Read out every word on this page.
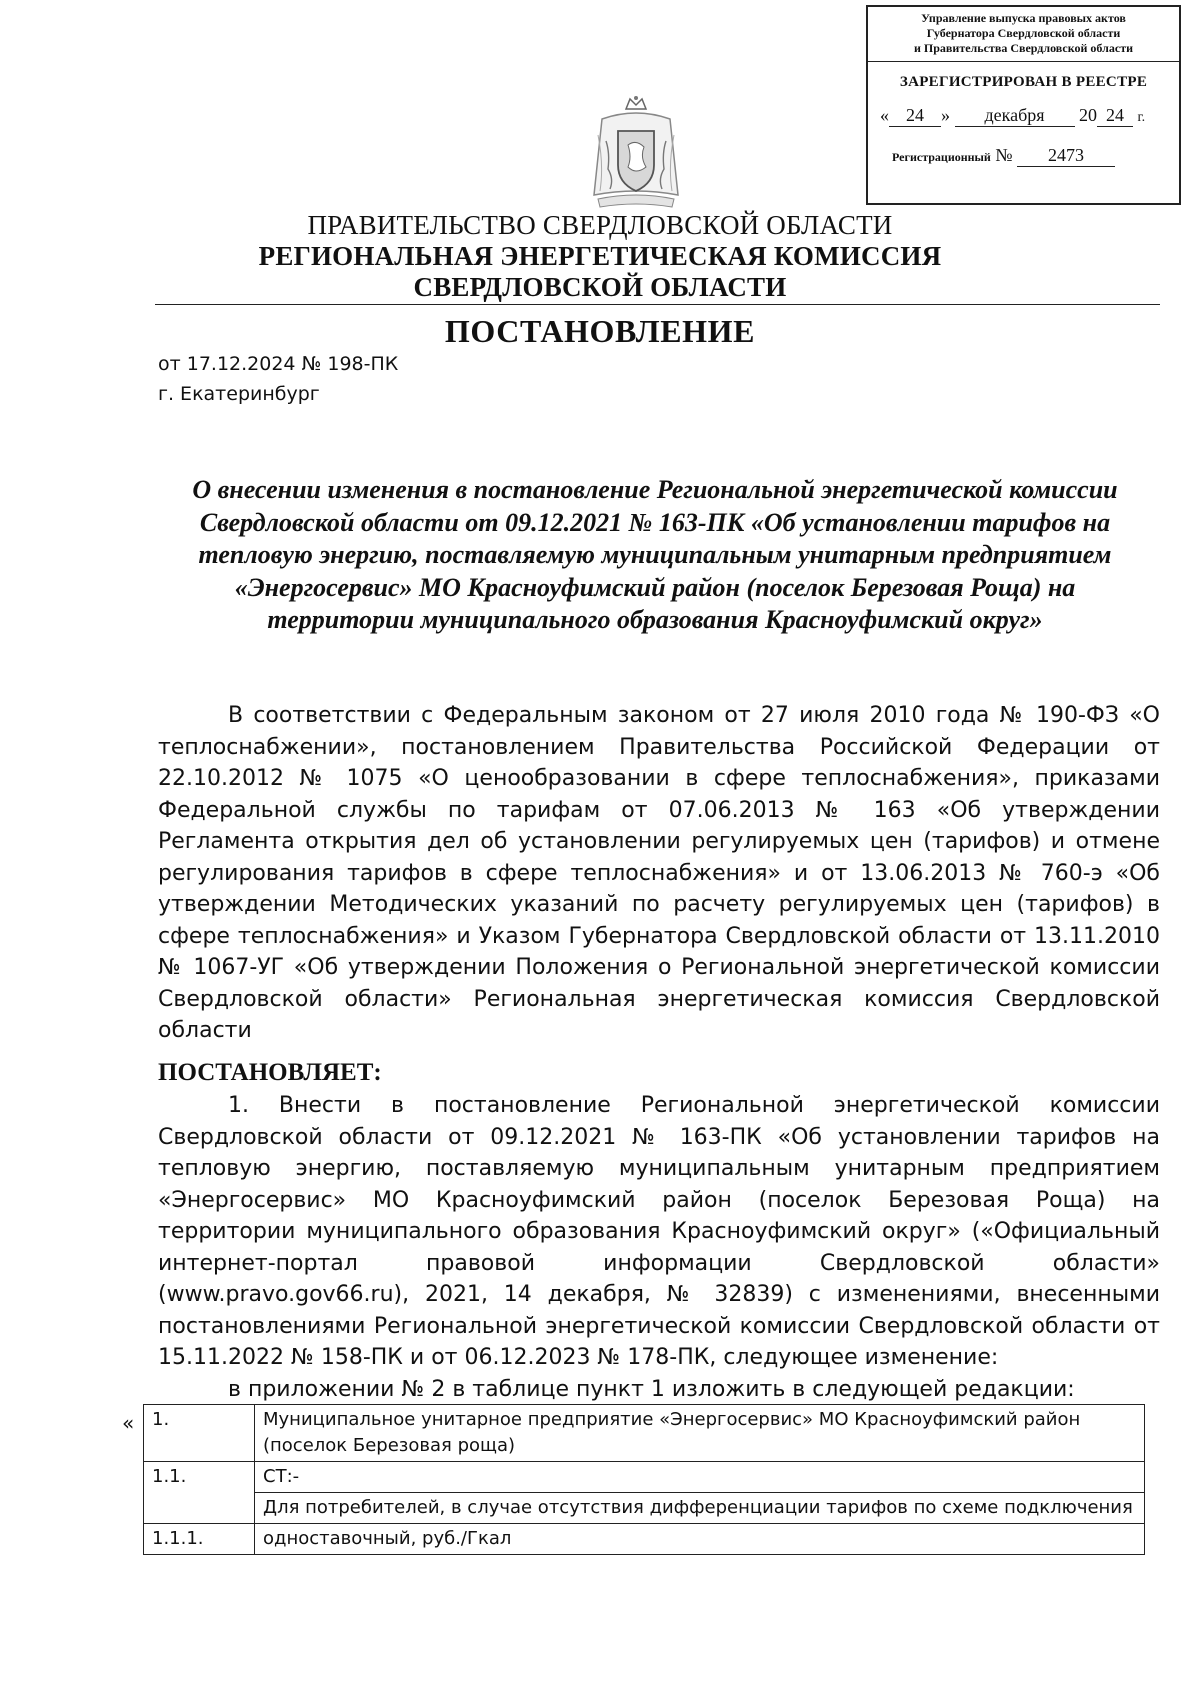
Управление выпуска правовых актов
Губернатора Свердловской области
и Правительства Свердловской области
ЗАРЕГИСТРИРОВАН В РЕЕСТРЕ
« 24 » декабря 20 24 г.
Регистрационный № 2473
ПРАВИТЕЛЬСТВО СВЕРДЛОВСКОЙ ОБЛАСТИ
РЕГИОНАЛЬНАЯ ЭНЕРГЕТИЧЕСКАЯ КОМИССИЯ
СВЕРДЛОВСКОЙ ОБЛАСТИ
ПОСТАНОВЛЕНИЕ
от 17.12.2024 № 198-ПК
г. Екатеринбург
О внесении изменения в постановление Региональной энергетической комиссии Свердловской области от 09.12.2021 № 163-ПК «Об установлении тарифов на тепловую энергию, поставляемую муниципальным унитарным предприятием «Энергосервис» МО Красноуфимский район (поселок Березовая Роща) на территории муниципального образования Красноуфимский округ»

В соответствии с Федеральным законом от 27 июля 2010 года № 190-ФЗ «О теплоснабжении», постановлением Правительства Российской Федерации от 22.10.2012 № 1075 «О ценообразовании в сфере теплоснабжения», приказами Федеральной службы по тарифам от 07.06.2013 № 163 «Об утверждении Регламента открытия дел об установлении регулируемых цен (тарифов) и отмене регулирования тарифов в сфере теплоснабжения» и от 13.06.2013 № 760-э «Об утверждении Методических указаний по расчету регулируемых цен (тарифов) в сфере теплоснабжения» и Указом Губернатора Свердловской области от 13.11.2010 № 1067-УГ «Об утверждении Положения о Региональной энергетической комиссии Свердловской области» Региональная энергетическая комиссия Свердловской области

ПОСТАНОВЛЯЕТ:

1. Внести в постановление Региональной энергетической комиссии Свердловской области от 09.12.2021 № 163-ПК «Об установлении тарифов на тепловую энергию, поставляемую муниципальным унитарным предприятием «Энергосервис» МО Красноуфимский район (поселок Березовая Роща) на территории муниципального образования Красноуфимский округ» («Официальный интернет-портал правовой информации Свердловской области» (www.pravo.gov66.ru), 2021, 14 декабря, № 32839) с изменениями, внесенными постановлениями Региональной энергетической комиссии Свердловской области от 15.11.2022 № 158-ПК и от 06.12.2023 № 178-ПК, следующее изменение:

в приложении № 2 в таблице пункт 1 изложить в следующей редакции:
« 1.	Муниципальное унитарное предприятие «Энергосервис» МО Красноуфимский район (поселок Березовая роща)
1.1.	СТ:-
	Для потребителей, в случае отсутствия дифференциации тарифов по схеме подключения
1.1.1.	одноставочный, руб./Гкал
